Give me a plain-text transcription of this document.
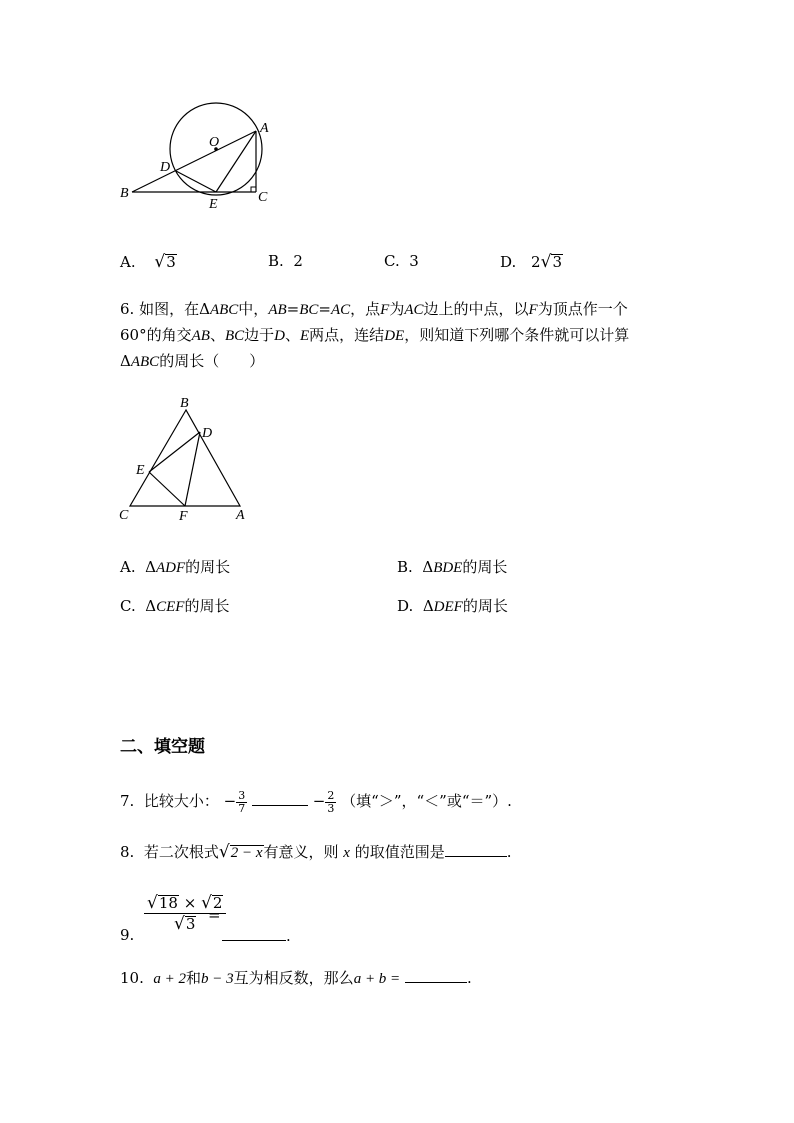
O
A
D
B
E	C
A. √3	B. 2	C. 3	D. 2√3
6. 如图，在ΔABC中，AB=BC=AC，点F为AC边上的中点，以F为顶点作一个
60°的角交AB、BC边于D、E两点，连结DE，则知道下列哪个条件就可以计算
ΔABC的周长（　　）
B
D
E
C	F	A
A. ΔADF的周长	B. ΔBDE的周长
C. ΔCEF的周长	D. ΔDEF的周长
二、填空题
7. 比较大小： − $\frac{3}{7}$	− $\frac{2}{3}$ （填“＞”，“＜”或“＝”）.
8. 若二次根式√2 − x有意义，则 x 的取值范围是	.
9.
√18 × √2
√3 =
.
10. a + 2和b − 3互为相反数，那么a + b =	.
